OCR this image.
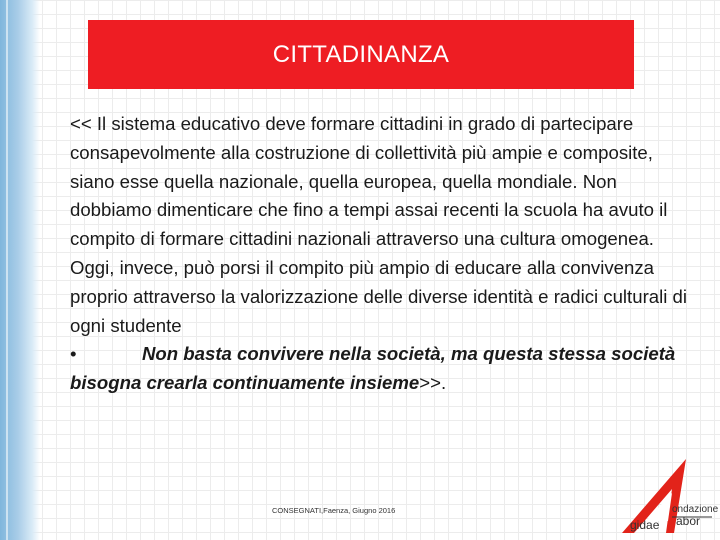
CITTADINANZA

<< Il sistema educativo deve formare cittadini in grado di partecipare consapevolmente alla costruzione di collettività più ampie e composite, siano esse quella nazionale, quella europea, quella mondiale. Non dobbiamo dimenticare che fino a tempi assai recenti la scuola ha avuto il compito di formare cittadini nazionali attraverso una cultura omogenea. Oggi, invece, può porsi il compito più ampio di educare alla convivenza proprio attraverso la valorizzazione delle diverse identità e radici culturali di ogni studente

•	Non basta convivere nella società, ma questa stessa società bisogna crearla continuamente insieme>>.

CONSEGNATI,Faenza, Giugno 2016	ondazione
gidae abor
